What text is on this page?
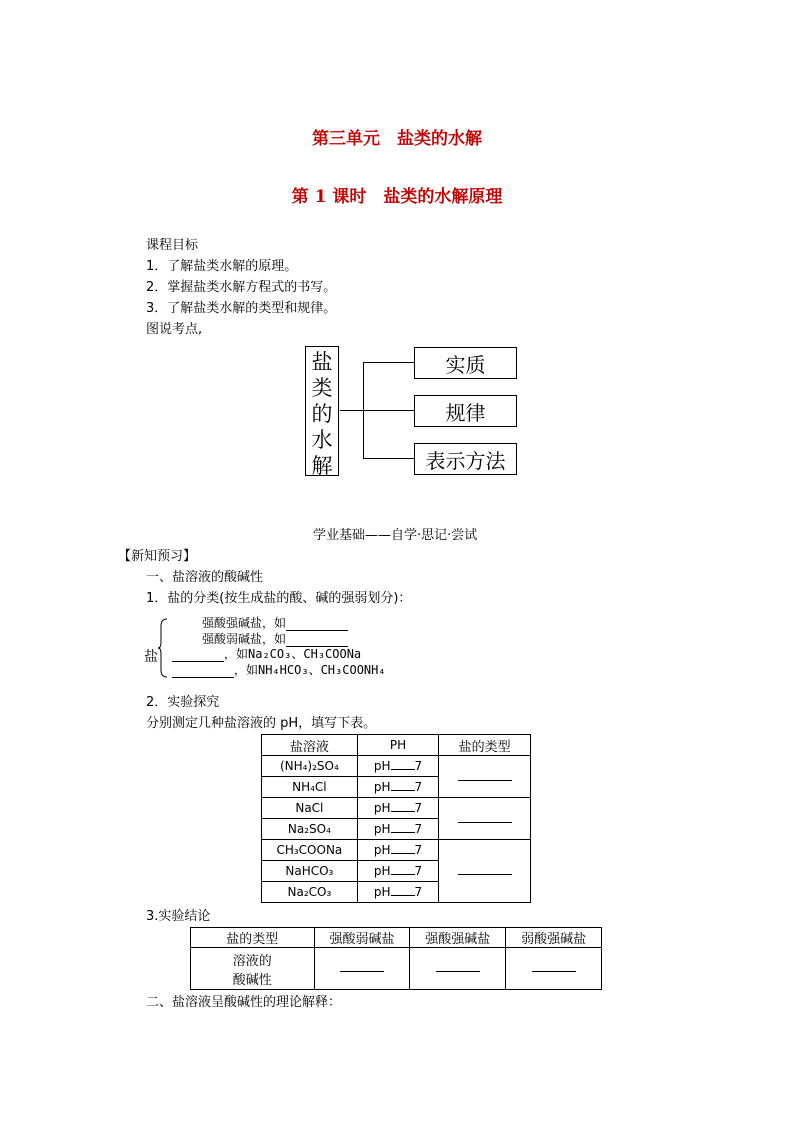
第三单元　盐类的水解
第 1 课时　盐类的水解原理
课程目标
1．了解盐类水解的原理。
2．掌握盐类水解方程式的书写。
3．了解盐类水解的类型和规律。
图说考点,
盐
类
的
水
解
实质
规律
表示方法
学业基础——自学·思记·尝试
【新知预习】
一、盐溶液的酸碱性
1．盐的分类(按生成盐的酸、碱的强弱划分)：
盐
强酸强碱盐，如
强酸弱碱盐，如
，如Na₂CO₃、CH₃COONa
，如NH₄HCO₃、CH₃COONH₄
2．实验探究
分别测定几种盐溶液的 pH，填写下表。
盐溶液	PH	盐的类型
(NH₄)₂SO₄	pH 7	
NH₄Cl	pH 7	
NaCl	pH 7	
Na₂SO₄	pH 7	
CH₃COONa	pH 7	
NaHCO₃	pH 7	
Na₂CO₃	pH 7	
3.实验结论
盐的类型	强酸弱碱盐	强酸强碱盐	弱酸强碱盐

溶液的
酸碱性			

二、盐溶液呈酸碱性的理论解释：
